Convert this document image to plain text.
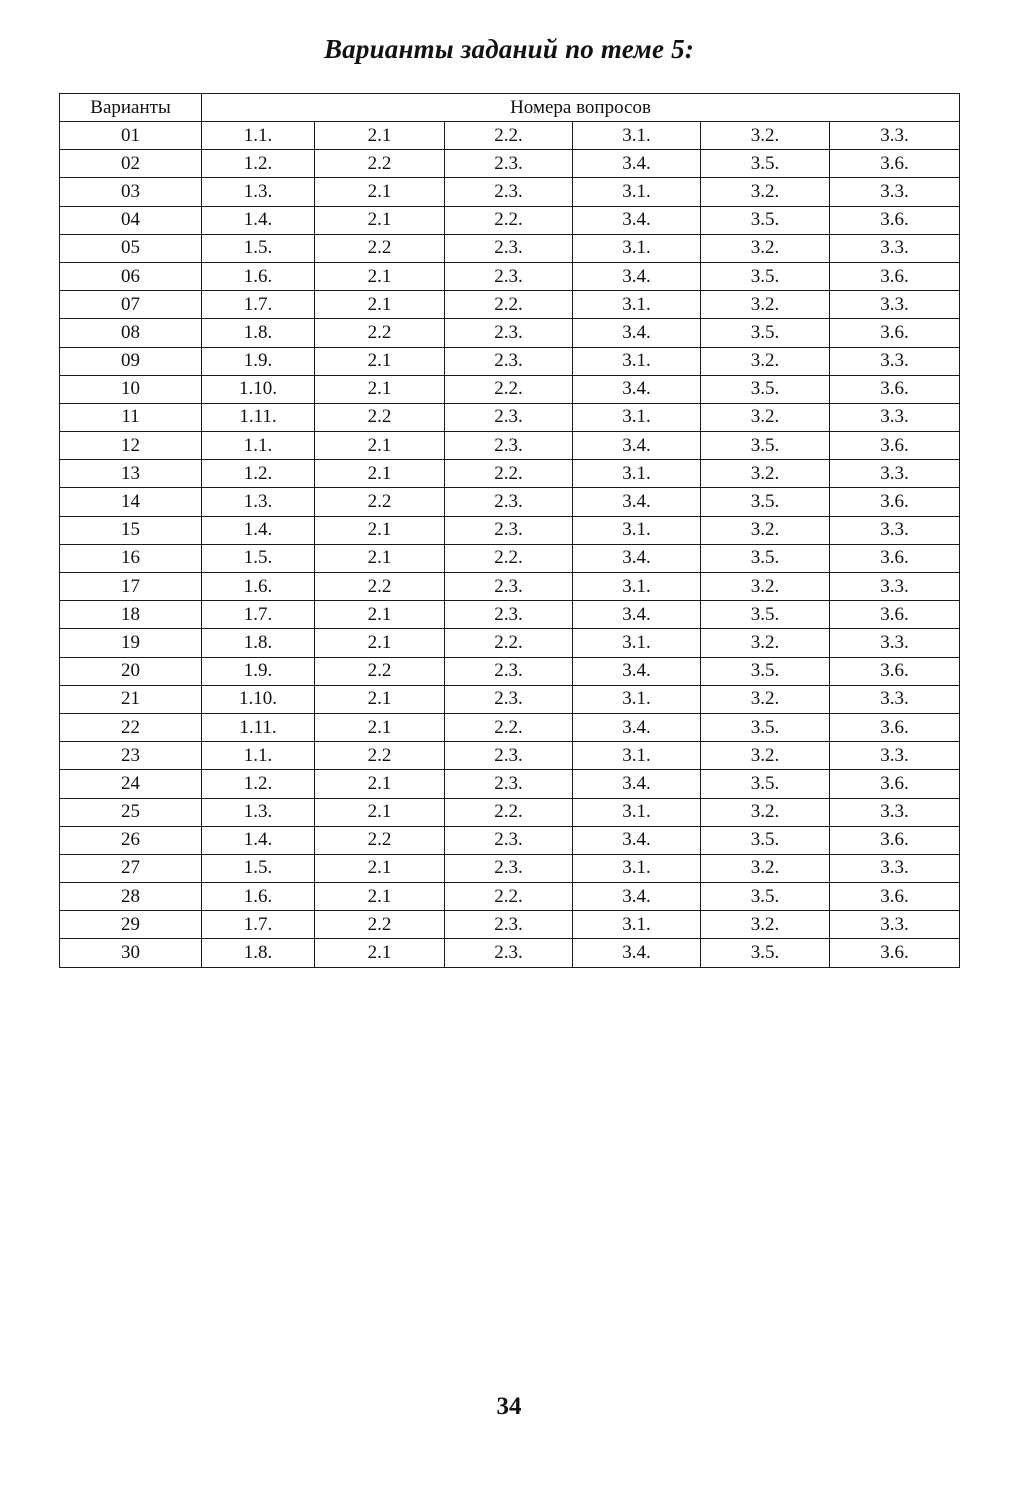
Варианты заданий по теме 5:
Варианты	Номера вопросов					
01	1.1.	2.1	2.2.	3.1.	3.2.	3.3.
02	1.2.	2.2	2.3.	3.4.	3.5.	3.6.
03	1.3.	2.1	2.3.	3.1.	3.2.	3.3.
04	1.4.	2.1	2.2.	3.4.	3.5.	3.6.
05	1.5.	2.2	2.3.	3.1.	3.2.	3.3.
06	1.6.	2.1	2.3.	3.4.	3.5.	3.6.
07	1.7.	2.1	2.2.	3.1.	3.2.	3.3.
08	1.8.	2.2	2.3.	3.4.	3.5.	3.6.
09	1.9.	2.1	2.3.	3.1.	3.2.	3.3.
10	1.10.	2.1	2.2.	3.4.	3.5.	3.6.
11	1.11.	2.2	2.3.	3.1.	3.2.	3.3.
12	1.1.	2.1	2.3.	3.4.	3.5.	3.6.
13	1.2.	2.1	2.2.	3.1.	3.2.	3.3.
14	1.3.	2.2	2.3.	3.4.	3.5.	3.6.
15	1.4.	2.1	2.3.	3.1.	3.2.	3.3.
16	1.5.	2.1	2.2.	3.4.	3.5.	3.6.
17	1.6.	2.2	2.3.	3.1.	3.2.	3.3.
18	1.7.	2.1	2.3.	3.4.	3.5.	3.6.
19	1.8.	2.1	2.2.	3.1.	3.2.	3.3.
20	1.9.	2.2	2.3.	3.4.	3.5.	3.6.
21	1.10.	2.1	2.3.	3.1.	3.2.	3.3.
22	1.11.	2.1	2.2.	3.4.	3.5.	3.6.
23	1.1.	2.2	2.3.	3.1.	3.2.	3.3.
24	1.2.	2.1	2.3.	3.4.	3.5.	3.6.
25	1.3.	2.1	2.2.	3.1.	3.2.	3.3.
26	1.4.	2.2	2.3.	3.4.	3.5.	3.6.
27	1.5.	2.1	2.3.	3.1.	3.2.	3.3.
28	1.6.	2.1	2.2.	3.4.	3.5.	3.6.
29	1.7.	2.2	2.3.	3.1.	3.2.	3.3.
30	1.8.	2.1	2.3.	3.4.	3.5.	3.6.
34
